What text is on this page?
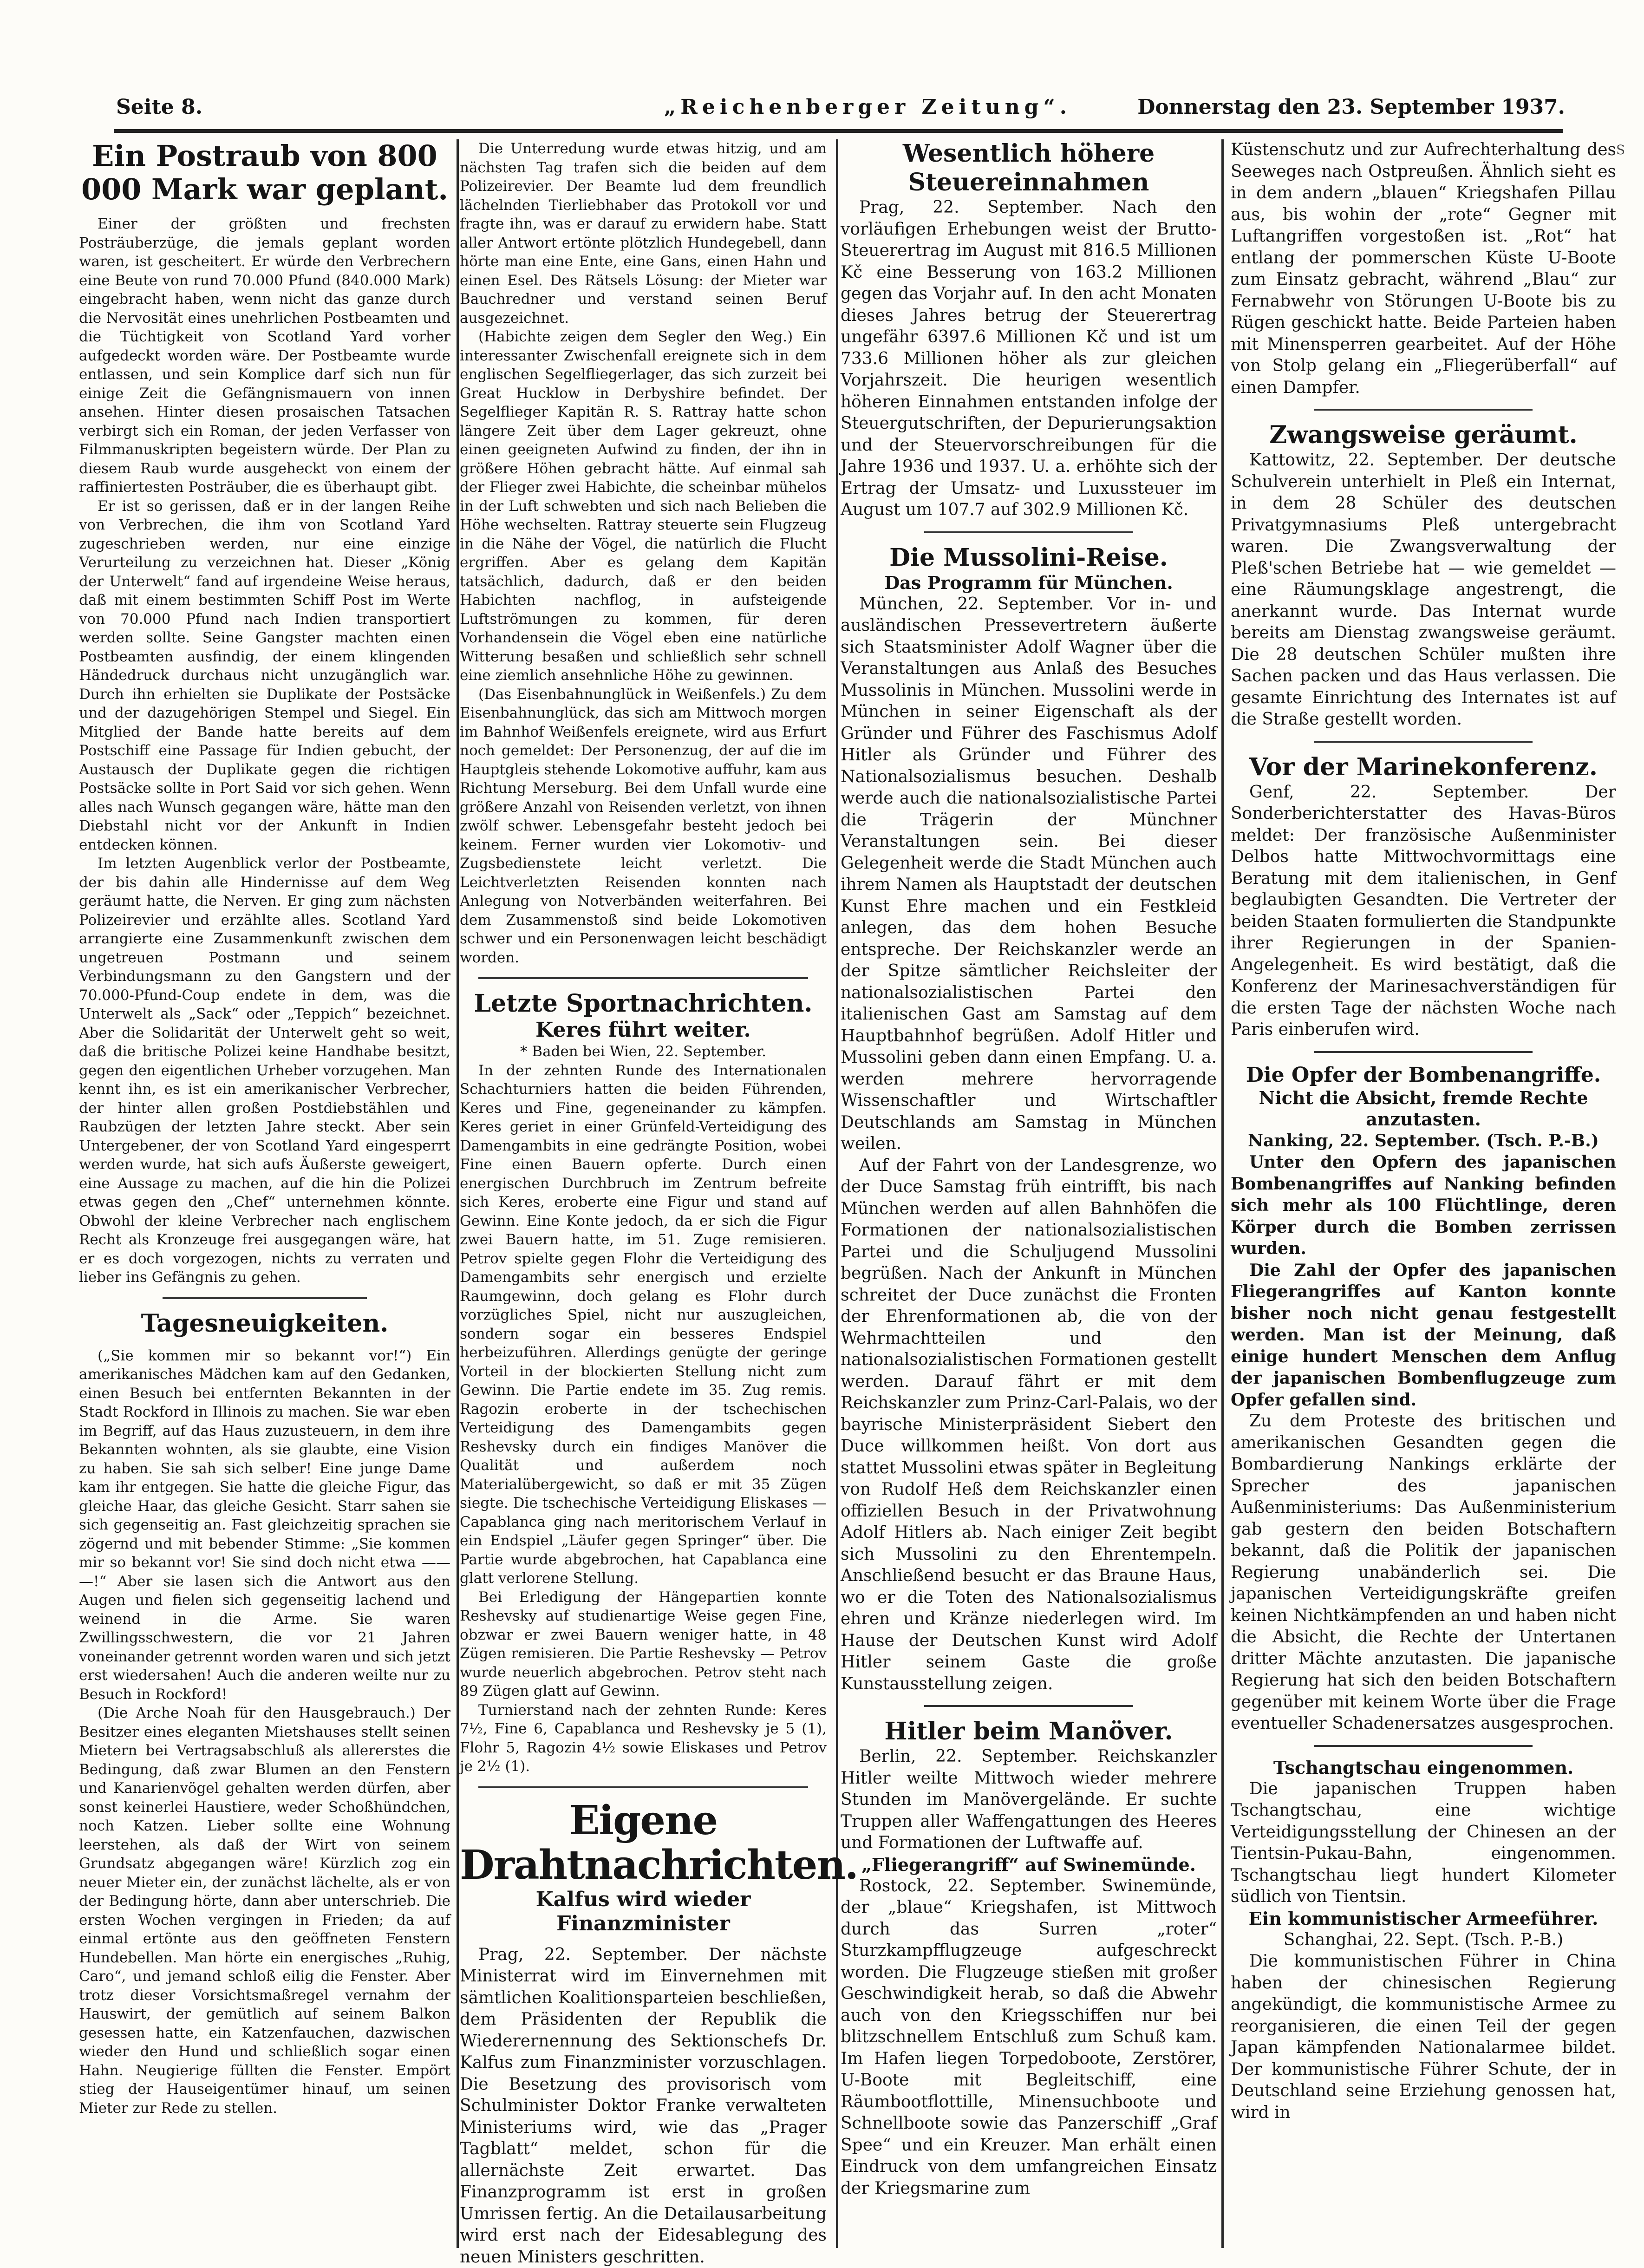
Seite 8.	„Reichenberger Zeitung“.	Donnerstag den 23. September 1937.
Ein Postraub von 800 000 Mark war geplant.

Einer der größten und frechsten Posträuberzüge, die jemals geplant worden waren, ist gescheitert. Er würde den Verbrechern eine Beute von rund 70.000 Pfund (840.000 Mark) eingebracht haben, wenn nicht das ganze durch die Nervosität eines unehrlichen Postbeamten und die Tüchtigkeit von Scotland Yard vorher aufgedeckt worden wäre. Der Postbeamte wurde entlassen, und sein Komplice darf sich nun für einige Zeit die Gefängnismauern von innen ansehen. Hinter diesen prosaischen Tatsachen verbirgt sich ein Roman, der jeden Verfasser von Filmmanuskripten begeistern würde. Der Plan zu diesem Raub wurde ausgeheckt von einem der raffiniertesten Posträuber, die es überhaupt gibt.

Er ist so gerissen, daß er in der langen Reihe von Verbrechen, die ihm von Scotland Yard zugeschrieben werden, nur eine einzige Verurteilung zu verzeichnen hat. Dieser „König der Unterwelt“ fand auf irgendeine Weise heraus, daß mit einem bestimmten Schiff Post im Werte von 70.000 Pfund nach Indien transportiert werden sollte. Seine Gangster machten einen Postbeamten ausfindig, der einem klingenden Händedruck durchaus nicht unzugänglich war. Durch ihn erhielten sie Duplikate der Postsäcke und der dazugehörigen Stempel und Siegel. Ein Mitglied der Bande hatte bereits auf dem Postschiff eine Passage für Indien gebucht, der Austausch der Duplikate gegen die richtigen Postsäcke sollte in Port Said vor sich gehen. Wenn alles nach Wunsch gegangen wäre, hätte man den Diebstahl nicht vor der Ankunft in Indien entdecken können.

Im letzten Augenblick verlor der Postbeamte, der bis dahin alle Hindernisse auf dem Weg geräumt hatte, die Nerven. Er ging zum nächsten Polizeirevier und erzählte alles. Scotland Yard arrangierte eine Zusammenkunft zwischen dem ungetreuen Postmann und seinem Verbindungsmann zu den Gangstern und der 70.000-Pfund-Coup endete in dem, was die Unterwelt als „Sack“ oder „Teppich“ bezeichnet. Aber die Solidarität der Unterwelt geht so weit, daß die britische Polizei keine Handhabe besitzt, gegen den eigentlichen Urheber vorzugehen. Man kennt ihn, es ist ein amerikanischer Verbrecher, der hinter allen großen Postdiebstählen und Raubzügen der letzten Jahre steckt. Aber sein Untergebener, der von Scotland Yard eingesperrt werden wurde, hat sich aufs Äußerste geweigert, eine Aussage zu machen, auf die hin die Polizei etwas gegen den „Chef“ unternehmen könnte. Obwohl der kleine Verbrecher nach englischem Recht als Kronzeuge frei ausgegangen wäre, hat er es doch vorgezogen, nichts zu verraten und lieber ins Gefängnis zu gehen.

Tagesneuigkeiten.

(„Sie kommen mir so bekannt vor!“) Ein amerikanisches Mädchen kam auf den Gedanken, einen Besuch bei entfernten Bekannten in der Stadt Rockford in Illinois zu machen. Sie war eben im Begriff, auf das Haus zuzusteuern, in dem ihre Bekannten wohnten, als sie glaubte, eine Vision zu haben. Sie sah sich selber! Eine junge Dame kam ihr entgegen. Sie hatte die gleiche Figur, das gleiche Haar, das gleiche Gesicht. Starr sahen sie sich gegenseitig an. Fast gleichzeitig sprachen sie zögernd und mit bebender Stimme: „Sie kommen mir so bekannt vor! Sie sind doch nicht etwa —— —!“ Aber sie lasen sich die Antwort aus den Augen und fielen sich gegenseitig lachend und weinend in die Arme. Sie waren Zwillingsschwestern, die vor 21 Jahren voneinander getrennt worden waren und sich jetzt erst wiedersahen! Auch die anderen weilte nur zu Besuch in Rockford!

(Die Arche Noah für den Hausgebrauch.) Der Besitzer eines eleganten Mietshauses stellt seinen Mietern bei Vertragsabschluß als allererstes die Bedingung, daß zwar Blumen an den Fenstern und Kanarienvögel gehalten werden dürfen, aber sonst keinerlei Haustiere, weder Schoßhündchen, noch Katzen. Lieber sollte eine Wohnung leerstehen, als daß der Wirt von seinem Grundsatz abgegangen wäre! Kürzlich zog ein neuer Mieter ein, der zunächst lächelte, als er von der Bedingung hörte, dann aber unterschrieb. Die ersten Wochen vergingen in Frieden; da auf einmal ertönte aus den geöffneten Fenstern Hundebellen. Man hörte ein energisches „Ruhig, Caro“, und jemand schloß eilig die Fenster. Aber trotz dieser Vorsichtsmaßregel vernahm der Hauswirt, der gemütlich auf seinem Balkon gesessen hatte, ein Katzenfauchen, dazwischen wieder den Hund und schließlich sogar einen Hahn. Neugierige füllten die Fenster. Empört stieg der Hauseigentümer hinauf, um seinen Mieter zur Rede zu stellen.

Die Unterredung wurde etwas hitzig, und am nächsten Tag trafen sich die beiden auf dem Polizeirevier. Der Beamte lud dem freundlich lächelnden Tierliebhaber das Protokoll vor und fragte ihn, was er darauf zu erwidern habe. Statt aller Antwort ertönte plötzlich Hundegebell, dann hörte man eine Ente, eine Gans, einen Hahn und einen Esel. Des Rätsels Lösung: der Mieter war Bauchredner und verstand seinen Beruf ausgezeichnet.

(Habichte zeigen dem Segler den Weg.) Ein interessanter Zwischenfall ereignete sich in dem englischen Segelfliegerlager, das sich zurzeit bei Great Hucklow in Derbyshire befindet. Der Segelflieger Kapitän R. S. Rattray hatte schon längere Zeit über dem Lager gekreuzt, ohne einen geeigneten Aufwind zu finden, der ihn in größere Höhen gebracht hätte. Auf einmal sah der Flieger zwei Habichte, die scheinbar mühelos in der Luft schwebten und sich nach Belieben die Höhe wechselten. Rattray steuerte sein Flugzeug in die Nähe der Vögel, die natürlich die Flucht ergriffen. Aber es gelang dem Kapitän tatsächlich, dadurch, daß er den beiden Habichten nachflog, in aufsteigende Luftströmungen zu kommen, für deren Vorhandensein die Vögel eben eine natürliche Witterung besaßen und schließlich sehr schnell eine ziemlich ansehnliche Höhe zu gewinnen.

(Das Eisenbahnunglück in Weißenfels.) Zu dem Eisenbahnunglück, das sich am Mittwoch morgen im Bahnhof Weißenfels ereignete, wird aus Erfurt noch gemeldet: Der Personenzug, der auf die im Hauptgleis stehende Lokomotive auffuhr, kam aus Richtung Merseburg. Bei dem Unfall wurde eine größere Anzahl von Reisenden verletzt, von ihnen zwölf schwer. Lebensgefahr besteht jedoch bei keinem. Ferner wurden vier Lokomotiv- und Zugsbedienstete leicht verletzt. Die Leichtverletzten Reisenden konnten nach Anlegung von Notverbänden weiterfahren. Bei dem Zusammenstoß sind beide Lokomotiven schwer und ein Personenwagen leicht beschädigt worden.

Letzte Sportnachrichten.
Keres führt weiter.

* Baden bei Wien, 22. September.

In der zehnten Runde des Internationalen Schachturniers hatten die beiden Führenden, Keres und Fine, gegeneinander zu kämpfen. Keres geriet in einer Grünfeld-Verteidigung des Damengambits in eine gedrängte Position, wobei Fine einen Bauern opferte. Durch einen energischen Durchbruch im Zentrum befreite sich Keres, eroberte eine Figur und stand auf Gewinn. Eine Konte jedoch, da er sich die Figur zwei Bauern hatte, im 51. Zuge remisieren. Petrov spielte gegen Flohr die Verteidigung des Damengambits sehr energisch und erzielte Raumgewinn, doch gelang es Flohr durch vorzügliches Spiel, nicht nur auszugleichen, sondern sogar ein besseres Endspiel herbeizuführen. Allerdings genügte der geringe Vorteil in der blockierten Stellung nicht zum Gewinn. Die Partie endete im 35. Zug remis. Ragozin eroberte in der tschechischen Verteidigung des Damengambits gegen Reshevsky durch ein findiges Manöver die Qualität und außerdem noch Materialübergewicht, so daß er mit 35 Zügen siegte. Die tschechische Verteidigung Eliskases — Capablanca ging nach meritorischem Verlauf in ein Endspiel „Läufer gegen Springer“ über. Die Partie wurde abgebrochen, hat Capablanca eine glatt verlorene Stellung.

Bei Erledigung der Hängepartien konnte Reshevsky auf studienartige Weise gegen Fine, obzwar er zwei Bauern weniger hatte, in 48 Zügen remisieren. Die Partie Reshevsky — Petrov wurde neuerlich abgebrochen. Petrov steht nach 89 Zügen glatt auf Gewinn.

Turnierstand nach der zehnten Runde: Keres 7½, Fine 6, Capablanca und Reshevsky je 5 (1), Flohr 5, Ragozin 4½ sowie Eliskases und Petrov je 2½ (1).

Eigene Drahtnachrichten.
Kalfus wird wieder Finanzminister

Prag, 22. September. Der nächste Ministerrat wird im Einvernehmen mit sämtlichen Koalitionsparteien beschließen, dem Präsidenten der Republik die Wiederernennung des Sektionschefs Dr. Kalfus zum Finanzminister vorzuschlagen. Die Besetzung des provisorisch vom Schulminister Doktor Franke verwalteten Ministeriums wird, wie das „Prager Tagblatt“ meldet, schon für die allernächste Zeit erwartet. Das Finanzprogramm ist erst in großen Umrissen fertig. An die Detailausarbeitung wird erst nach der Eidesablegung des neuen Ministers geschritten.

Wesentlich höhere Steuereinnahmen

Prag, 22. September. Nach den vorläufigen Erhebungen weist der Brutto-Steuerertrag im August mit 816.5 Millionen Kč eine Besserung von 163.2 Millionen gegen das Vorjahr auf. In den acht Monaten dieses Jahres betrug der Steuerertrag ungefähr 6397.6 Millionen Kč und ist um 733.6 Millionen höher als zur gleichen Vorjahrszeit. Die heurigen wesentlich höheren Einnahmen entstanden infolge der Steuergutschriften, der Depurierungsaktion und der Steuervorschreibungen für die Jahre 1936 und 1937. U. a. erhöhte sich der Ertrag der Umsatz- und Luxussteuer im August um 107.7 auf 302.9 Millionen Kč.

Die Mussolini-Reise.
Das Programm für München.

München, 22. September. Vor in- und ausländischen Pressevertretern äußerte sich Staatsminister Adolf Wagner über die Veranstaltungen aus Anlaß des Besuches Mussolinis in München. Mussolini werde in München in seiner Eigenschaft als der Gründer und Führer des Faschismus Adolf Hitler als Gründer und Führer des Nationalsozialismus besuchen. Deshalb werde auch die nationalsozialistische Partei die Trägerin der Münchner Veranstaltungen sein. Bei dieser Gelegenheit werde die Stadt München auch ihrem Namen als Hauptstadt der deutschen Kunst Ehre machen und ein Festkleid anlegen, das dem hohen Besuche entspreche. Der Reichskanzler werde an der Spitze sämtlicher Reichsleiter der nationalsozialistischen Partei den italienischen Gast am Samstag auf dem Hauptbahnhof begrüßen. Adolf Hitler und Mussolini geben dann einen Empfang. U. a. werden mehrere hervorragende Wissenschaftler und Wirtschaftler Deutschlands am Samstag in München weilen.

Auf der Fahrt von der Landesgrenze, wo der Duce Samstag früh eintrifft, bis nach München werden auf allen Bahnhöfen die Formationen der nationalsozialistischen Partei und die Schuljugend Mussolini begrüßen. Nach der Ankunft in München schreitet der Duce zunächst die Fronten der Ehrenformationen ab, die von der Wehrmachtteilen und den nationalsozialistischen Formationen gestellt werden. Darauf fährt er mit dem Reichskanzler zum Prinz-Carl-Palais, wo der bayrische Ministerpräsident Siebert den Duce willkommen heißt. Von dort aus stattet Mussolini etwas später in Begleitung von Rudolf Heß dem Reichskanzler einen offiziellen Besuch in der Privatwohnung Adolf Hitlers ab. Nach einiger Zeit begibt sich Mussolini zu den Ehrentempeln. Anschließend besucht er das Braune Haus, wo er die Toten des Nationalsozialismus ehren und Kränze niederlegen wird. Im Hause der Deutschen Kunst wird Adolf Hitler seinem Gaste die große Kunstausstellung zeigen.

Hitler beim Manöver.

Berlin, 22. September. Reichskanzler Hitler weilte Mittwoch wieder mehrere Stunden im Manövergelände. Er suchte Truppen aller Waffengattungen des Heeres und Formationen der Luftwaffe auf.

„Fliegerangriff“ auf Swinemünde.

Rostock, 22. September. Swinemünde, der „blaue“ Kriegshafen, ist Mittwoch durch das Surren „roter“ Sturzkampfflugzeuge aufgeschreckt worden. Die Flugzeuge stießen mit großer Geschwindigkeit herab, so daß die Abwehr auch von den Kriegsschiffen nur bei blitzschnellem Entschluß zum Schuß kam. Im Hafen liegen Torpedoboote, Zerstörer, U-Boote mit Begleitschiff, eine Räumbootflottille, Minensuchboote und Schnellboote sowie das Panzerschiff „Graf Spee“ und ein Kreuzer. Man erhält einen Eindruck von dem umfangreichen Einsatz der Kriegsmarine zum

Küstenschutz und zur Aufrechterhaltung des Seeweges nach Ostpreußen. Ähnlich sieht es in dem andern „blauen“ Kriegshafen Pillau aus, bis wohin der „rote“ Gegner mit Luftangriffen vorgestoßen ist. „Rot“ hat entlang der pommerschen Küste U-Boote zum Einsatz gebracht, während „Blau“ zur Fernabwehr von Störungen U-Boote bis zu Rügen geschickt hatte. Beide Parteien haben mit Minensperren gearbeitet. Auf der Höhe von Stolp gelang ein „Fliegerüberfall“ auf einen Dampfer.

Zwangsweise geräumt.

Kattowitz, 22. September. Der deutsche Schulverein unterhielt in Pleß ein Internat, in dem 28 Schüler des deutschen Privatgymnasiums Pleß untergebracht waren. Die Zwangsverwaltung der Pleß'schen Betriebe hat — wie gemeldet — eine Räumungsklage angestrengt, die anerkannt wurde. Das Internat wurde bereits am Dienstag zwangsweise geräumt. Die 28 deutschen Schüler mußten ihre Sachen packen und das Haus verlassen. Die gesamte Einrichtung des Internates ist auf die Straße gestellt worden.

Vor der Marinekonferenz.

Genf, 22. September. Der Sonderberichterstatter des Havas-Büros meldet: Der französische Außenminister Delbos hatte Mittwochvormittags eine Beratung mit dem italienischen, in Genf beglaubigten Gesandten. Die Vertreter der beiden Staaten formulierten die Standpunkte ihrer Regierungen in der Spanien-Angelegenheit. Es wird bestätigt, daß die Konferenz der Marinesachverständigen für die ersten Tage der nächsten Woche nach Paris einberufen wird.

Die Opfer der Bombenangriffe.
Nicht die Absicht, fremde Rechte anzutasten.

Nanking, 22. September. (Tsch. P.-B.)

Unter den Opfern des japanischen Bombenangriffes auf Nanking befinden sich mehr als 100 Flüchtlinge, deren Körper durch die Bomben zerrissen wurden.

Die Zahl der Opfer des japanischen Fliegerangriffes auf Kanton konnte bisher noch nicht genau festgestellt werden. Man ist der Meinung, daß einige hundert Menschen dem Anflug der japanischen Bombenflugzeuge zum Opfer gefallen sind.

Zu dem Proteste des britischen und amerikanischen Gesandten gegen die Bombardierung Nankings erklärte der Sprecher des japanischen Außenministeriums: Das Außenministerium gab gestern den beiden Botschaftern bekannt, daß die Politik der japanischen Regierung unabänderlich sei. Die japanischen Verteidigungskräfte greifen keinen Nichtkämpfenden an und haben nicht die Absicht, die Rechte der Untertanen dritter Mächte anzutasten. Die japanische Regierung hat sich den beiden Botschaftern gegenüber mit keinem Worte über die Frage eventueller Schadenersatzes ausgesprochen.

Tschangtschau eingenommen.

Die japanischen Truppen haben Tschangtschau, eine wichtige Verteidigungsstellung der Chinesen an der Tientsin-Pukau-Bahn, eingenommen. Tschangtschau liegt hundert Kilometer südlich von Tientsin.

Ein kommunistischer Armeeführer.

Schanghai, 22. Sept. (Tsch. P.-B.)

Die kommunistischen Führer in China haben der chinesischen Regierung angekündigt, die kommunistische Armee zu reorganisieren, die einen Teil der gegen Japan kämpfenden Nationalarmee bildet. Der kommunistische Führer Schute, der in Deutschland seine Erziehung genossen hat, wird in

S
